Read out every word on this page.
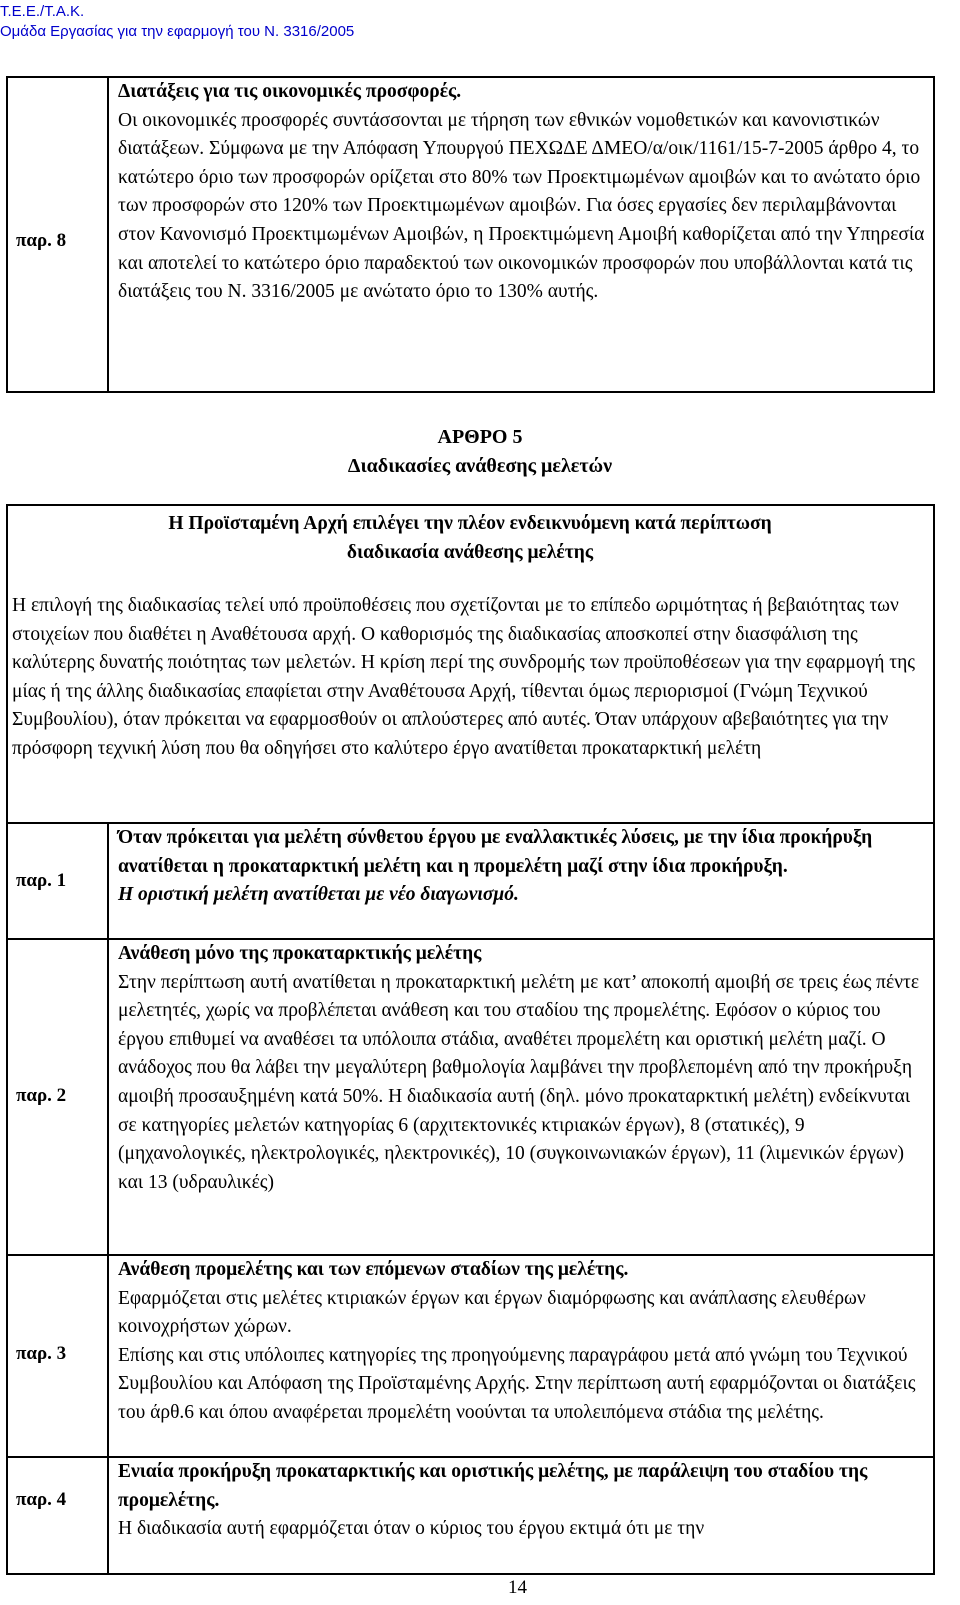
Τ.Ε.Ε./Τ.Α.Κ.
Ομάδα Εργασίας για την εφαρμογή του Ν. 3316/2005
παρ. 8

Διατάξεις για τις οικονομικές προσφορές.

Οι οικονομικές προσφορές συντάσσονται με τήρηση των εθνικών νομοθετικών και κανονιστικών διατάξεων. Σύμφωνα με την Απόφαση Υπουργού ΠΕΧΩΔΕ ΔΜΕΟ/α/οικ/1161/15-7-2005 άρθρο 4, το κατώτερο όριο των προσφορών ορίζεται στο 80% των Προεκτιμωμένων αμοιβών και το ανώτατο όριο των προσφορών στο 120% των Προεκτιμωμένων αμοιβών. Για όσες εργασίες δεν περιλαμβάνονται στον Κανονισμό Προεκτιμωμένων Αμοιβών, η Προεκτιμώμενη Αμοιβή καθορίζεται από την Υπηρεσία και αποτελεί το κατώτερο όριο παραδεκτού των οικονομικών προσφορών που υποβάλλονται κατά τις διατάξεις του Ν. 3316/2005 με ανώτατο όριο το 130% αυτής.

ΑΡΘΡΟ 5
Διαδικασίες ανάθεσης μελετών
Η Προϊσταμένη Αρχή επιλέγει την πλέον ενδεικνυόμενη κατά περίπτωση διαδικασία ανάθεσης μελέτης
Η επιλογή της διαδικασίας τελεί υπό προϋποθέσεις που σχετίζονται με το επίπεδο ωριμότητας ή βεβαιότητας των στοιχείων που διαθέτει η Αναθέτουσα αρχή. Ο καθορισμός της διαδικασίας αποσκοπεί στην διασφάλιση της καλύτερης δυνατής ποιότητας των μελετών. Η κρίση περί της συνδρομής των προϋποθέσεων για την εφαρμογή της μίας ή της άλλης διαδικασίας επαφίεται στην Αναθέτουσα Αρχή, τίθενται όμως περιορισμοί (Γνώμη Τεχνικού Συμβουλίου), όταν πρόκειται να εφαρμοσθούν οι απλούστερες από αυτές. Όταν υπάρχουν αβεβαιότητες για την πρόσφορη τεχνική λύση που θα οδηγήσει στο καλύτερο έργο ανατίθεται προκαταρκτική μελέτη
παρ. 1

Όταν πρόκειται για μελέτη σύνθετου έργου με εναλλακτικές λύσεις, με την ίδια προκήρυξη ανατίθεται η προκαταρκτική μελέτη και η προμελέτη μαζί στην ίδια προκήρυξη.

Η οριστική μελέτη ανατίθεται με νέο διαγωνισμό.

παρ. 2

Ανάθεση μόνο της προκαταρκτικής μελέτης

Στην περίπτωση αυτή ανατίθεται η προκαταρκτική μελέτη με κατ’ αποκοπή αμοιβή σε τρεις έως πέντε μελετητές, χωρίς να προβλέπεται ανάθεση και του σταδίου της προμελέτης. Εφόσον ο κύριος του έργου επιθυμεί να αναθέσει τα υπόλοιπα στάδια, αναθέτει προμελέτη και οριστική μελέτη μαζί. Ο ανάδοχος που θα λάβει την μεγαλύτερη βαθμολογία λαμβάνει την προβλεπομένη από την προκήρυξη αμοιβή προσαυξημένη κατά 50%. Η διαδικασία αυτή (δηλ. μόνο προκαταρκτική μελέτη) ενδείκνυται σε κατηγορίες μελετών κατηγορίας 6 (αρχιτεκτονικές κτιριακών έργων), 8 (στατικές), 9 (μηχανολογικές, ηλεκτρολογικές, ηλεκτρονικές), 10 (συγκοινωνιακών έργων), 11 (λιμενικών έργων) και 13 (υδραυλικές)

παρ. 3

Ανάθεση προμελέτης και των επόμενων σταδίων της μελέτης.

Εφαρμόζεται στις μελέτες κτιριακών έργων και έργων διαμόρφωσης και ανάπλασης ελευθέρων κοινοχρήστων χώρων.

Επίσης και στις υπόλοιπες κατηγορίες της προηγούμενης παραγράφου μετά από γνώμη του Τεχνικού Συμβουλίου και Απόφαση της Προϊσταμένης Αρχής. Στην περίπτωση αυτή εφαρμόζονται οι διατάξεις του άρθ.6 και όπου αναφέρεται προμελέτη νοούνται τα υπολειπόμενα στάδια της μελέτης.

παρ. 4

Ενιαία προκήρυξη προκαταρκτικής και οριστικής μελέτης, με παράλειψη του σταδίου της προμελέτης.

Η διαδικασία αυτή εφαρμόζεται όταν ο κύριος του έργου εκτιμά ότι με την

14
